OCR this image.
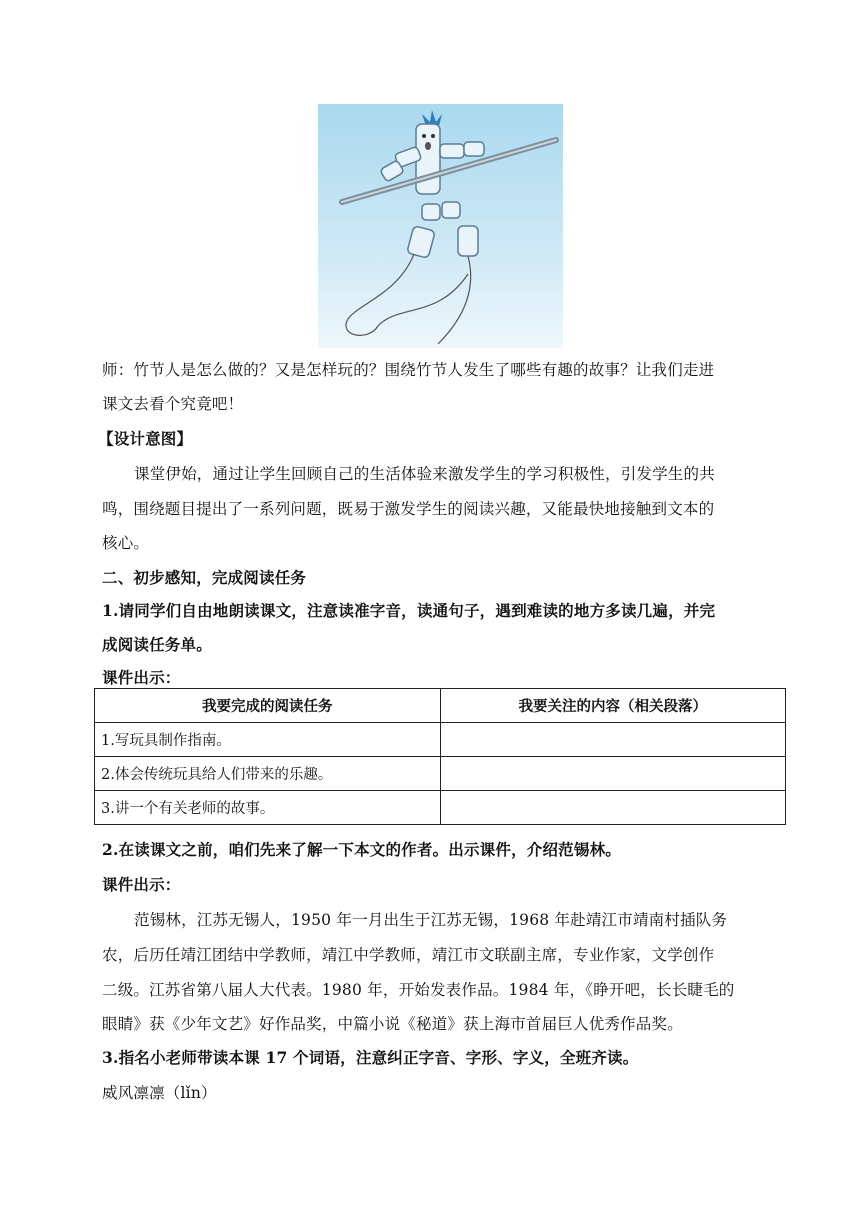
师：竹节人是怎么做的？又是怎样玩的？围绕竹节人发生了哪些有趣的故事？让我们走进
课文去看个究竟吧！
【设计意图】
课堂伊始，通过让学生回顾自己的生活体验来激发学生的学习积极性，引发学生的共
鸣，围绕题目提出了一系列问题，既易于激发学生的阅读兴趣，又能最快地接触到文本的
核心。
二、初步感知，完成阅读任务
1.请同学们自由地朗读课文，注意读准字音，读通句子，遇到难读的地方多读几遍，并完
成阅读任务单。
课件出示：
我要完成的阅读任务	我要关注的内容（相关段落）
1.写玩具制作指南。	
2.体会传统玩具给人们带来的乐趣。	
3.讲一个有关老师的故事。	
2.在读课文之前，咱们先来了解一下本文的作者。出示课件，介绍范锡林。
课件出示：
范锡林，江苏无锡人，1950 年一月出生于江苏无锡，1968 年赴靖江市靖南村插队务
农，后历任靖江团结中学教师，靖江中学教师，靖江市文联副主席，专业作家，文学创作
二级。江苏省第八届人大代表。1980 年，开始发表作品。1984 年，《睁开吧，长长睫毛的
眼睛》获《少年文艺》好作品奖，中篇小说《秘道》获上海市首届巨人优秀作品奖。
3.指名小老师带读本课 17 个词语，注意纠正字音、字形、字义，全班齐读。
威风凛凛（lǐn）
